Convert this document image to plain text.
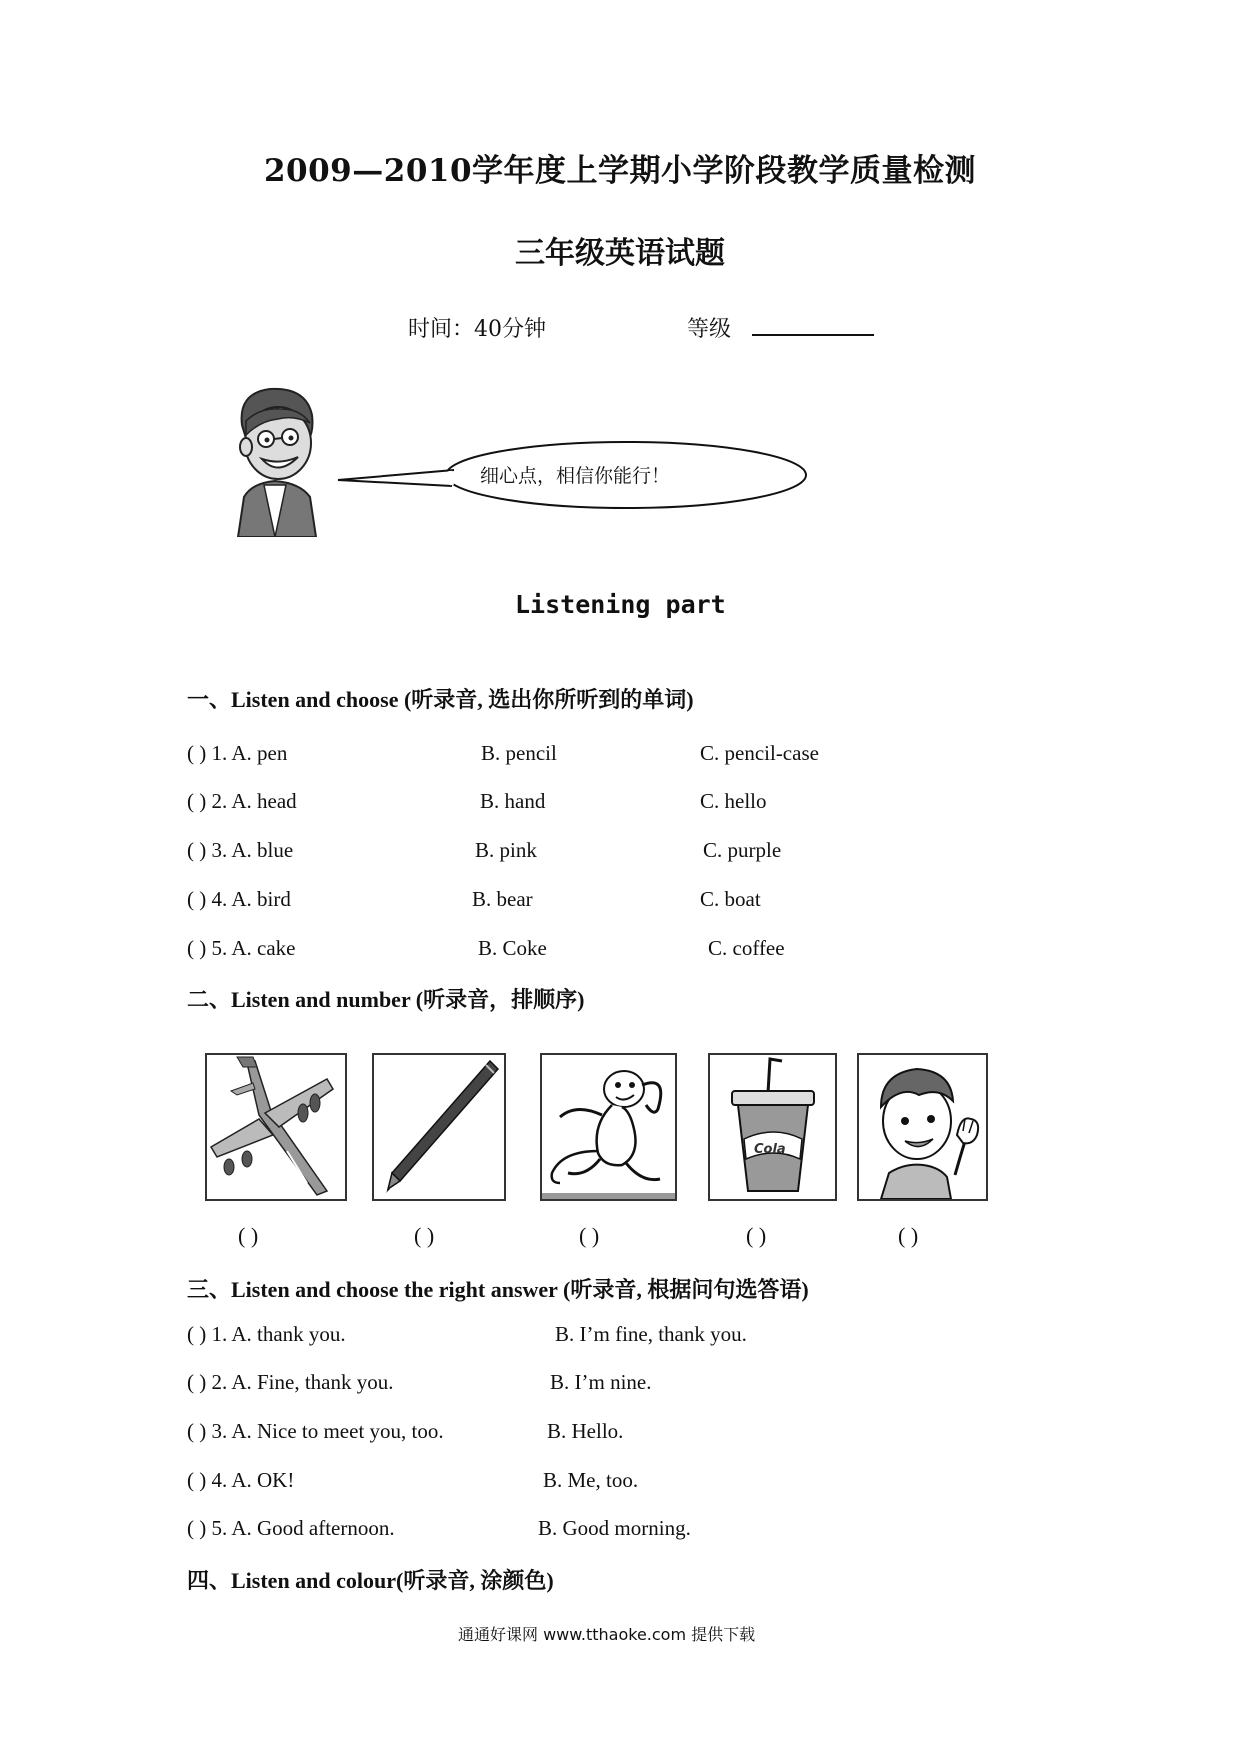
2009—2010学年度上学期小学阶段教学质量检测
三年级英语试题
时间：40分钟	等级
细心点，相信你能行！
Listening part
一、Listen and choose (听录音, 选出你所听到的单词)
( ) 1. A. pen	B. pencil	C. pencil-case
( ) 2. A. head	B. hand	C. hello
( ) 3. A. blue	B. pink	C. purple
( ) 4. A. bird	B. bear	C. boat
( ) 5. A. cake	B. Coke	C. coffee
二、Listen and number (听录音，排顺序)
Cola
( )	( )	( )	( )	( )
三、Listen and choose the right answer (听录音, 根据问句选答语)
( ) 1. A. thank you.	B. I’m fine, thank you.
( ) 2. A. Fine, thank you.	B. I’m nine.
( ) 3. A. Nice to meet you, too.	B. Hello.
( ) 4. A. OK!	B. Me, too.
( ) 5. A. Good afternoon.	B. Good morning.
四、Listen and colour(听录音, 涂颜色)
通通好课网 www.tthaoke.com 提供下载
